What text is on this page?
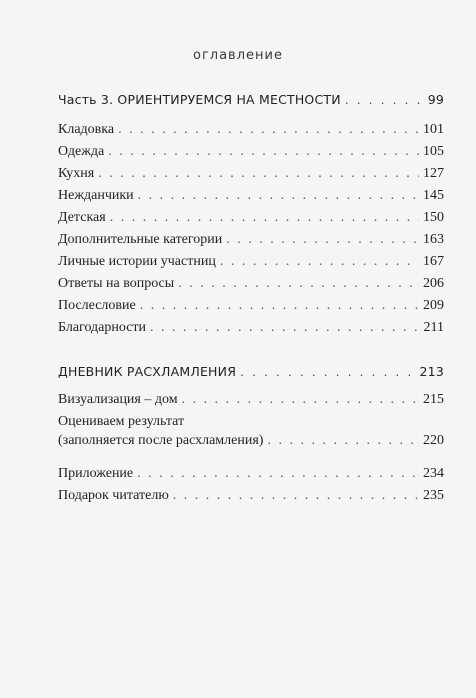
оглавление
Часть 3. ОРИЕНТИРУЕМСЯ НА МЕСТНОСТИ . . .	99
Кладовка . . .	101
Одежда . . .	105
Кухня . . .	127
Нежданчики . . .	145
Детская . . .	150
Дополнительные категории . . .	163
Личные истории участниц . . .	167
Ответы на вопросы . . .	206
Послесловие . . .	209
Благодарности . . .	211
ДНЕВНИК РАСХЛАМЛЕНИЯ . . .	213
Визуализация – дом . . .	215
Оцениваем результат
(заполняется после расхламления) . . .	220
Приложение . . .	234
Подарок читателю . . .	235
